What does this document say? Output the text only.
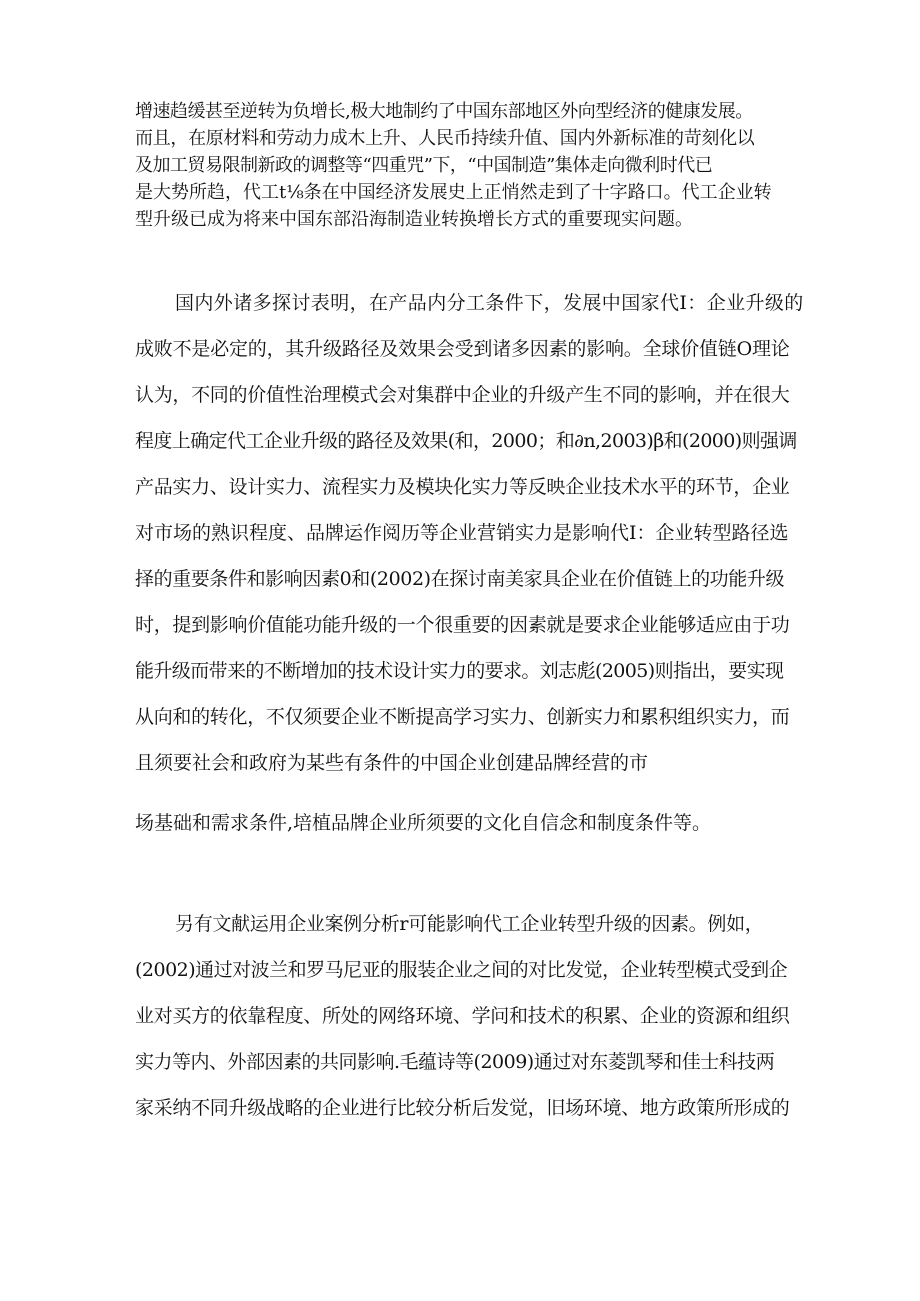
增速趋缓甚至逆转为负增长,极大地制约了中国东部地区外向型经济的健康发展。

而且，在原材料和劳动力成木上升、人民币持续升值、国内外新标准的苛刻化以

及加工贸易限制新政的调整等“四重咒”下，“中国制造”集体走向微利时代已

是大势所趋，代工t⅛条在中国经济发展史上正悄然走到了十字路口。代工企业转

型升级已成为将来中国东部沿海制造业转换增长方式的重要现实问题。

国内外诸多探讨表明，在产品内分工条件下，发展中国家代I：企业升级的

成败不是必定的，其升级路径及效果会受到诸多因素的影响。全球价值链O理论

认为，不同的价值性治理模式会对集群中企业的升级产生不同的影响，并在很大

程度上确定代工企业升级的路径及效果(和，2000；和∂n,2003)β和(2000)则强调

产品实力、设计实力、流程实力及模块化实力等反映企业技术水平的环节，企业

对市场的熟识程度、品牌运作阅历等企业营销实力是影响代I：企业转型路径选

择的重要条件和影响因素0和(2002)在探讨南美家具企业在价值链上的功能升级

时，提到影响价值能功能升级的一个很重要的因素就是要求企业能够适应由于功

能升级而带来的不断增加的技术设计实力的要求。刘志彪(2005)则指出，要实现

从向和的转化，不仅须要企业不断提高学习实力、创新实力和累积组织实力，而

且须要社会和政府为某些有条件的中国企业创建品牌经营的市

场基础和需求条件,培植品牌企业所须要的文化自信念和制度条件等。

另有文献运用企业案例分析r可能影响代工企业转型升级的因素。例如，

(2002)通过对波兰和罗马尼亚的服装企业之间的对比发觉，企业转型模式受到企

业对买方的依靠程度、所处的网络环境、学问和技术的积累、企业的资源和组织

实力等内、外部因素的共同影响.毛蕴诗等(2009)通过对东菱凯琴和佳士科技两

家采纳不同升级战略的企业进行比较分析后发觉，旧场环境、地方政策所形成的
